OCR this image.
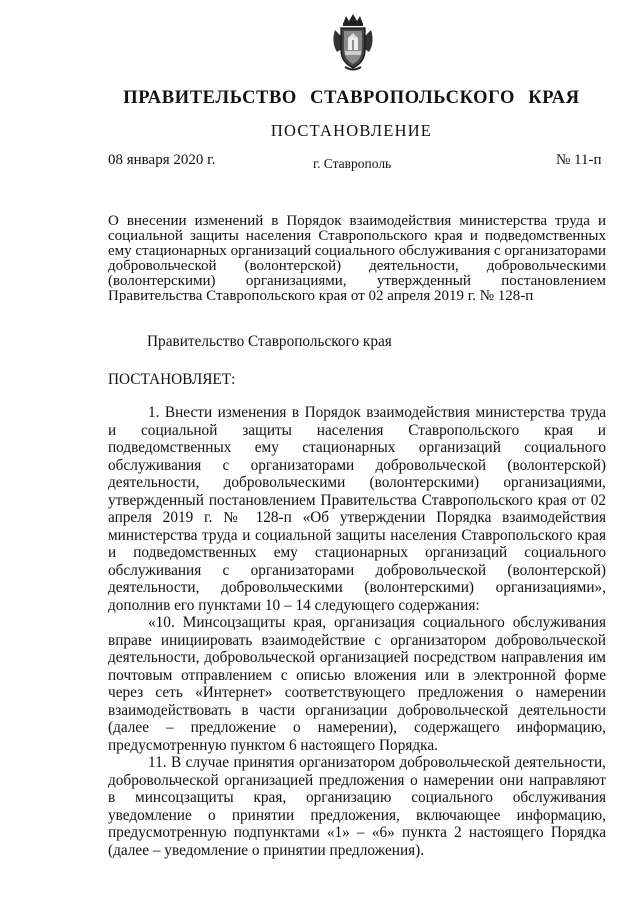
ПРАВИТЕЛЬСТВО СТАВРОПОЛЬСКОГО КРАЯ
ПОСТАНОВЛЕНИЕ
08 января 2020 г.	г. Ставрополь	№ 11-п
О внесении изменений в Порядок взаимодействия министерства труда и социальной защиты населения Ставропольского края и подведомственных ему стационарных организаций социального обслуживания с организаторами добровольческой (волонтерской) деятельности, добровольческими (волонтерскими) организациями, утвержденный постановлением Правительства Ставропольского края от 02 апреля 2019 г. № 128-п
Правительство Ставропольского края
ПОСТАНОВЛЯЕТ:

1. Внести изменения в Порядок взаимодействия министерства труда и социальной защиты населения Ставропольского края и подведомственных ему стационарных организаций социального обслуживания с организаторами добровольческой (волонтерской) деятельности, добровольческими (волонтерскими) организациями, утвержденный постановлением Правительства Ставропольского края от 02 апреля 2019 г. № 128-п «Об утверждении Порядка взаимодействия министерства труда и социальной защиты населения Ставропольского края и подведомственных ему стационарных организаций социального обслуживания с организаторами добровольческой (волонтерской) деятельности, добровольческими (волонтерскими) организациями», дополнив его пунктами 10 – 14 следующего содержания:

«10. Минсоцзащиты края, организация социального обслуживания вправе инициировать взаимодействие с организатором добровольческой деятельности, добровольческой организацией посредством направления им почтовым отправлением с описью вложения или в электронной форме через сеть «Интернет» соответствующего предложения о намерении взаимодействовать в части организации добровольческой деятельности (далее – предложение о намерении), содержащего информацию, предусмотренную пунктом 6 настоящего Порядка.

11. В случае принятия организатором добровольческой деятельности, добровольческой организацией предложения о намерении они направляют в минсоцзащиты края, организацию социального обслуживания уведомление о принятии предложения, включающее информацию, предусмотренную подпунктами «1» – «6» пункта 2 настоящего Порядка (далее – уведомление о принятии предложения).
